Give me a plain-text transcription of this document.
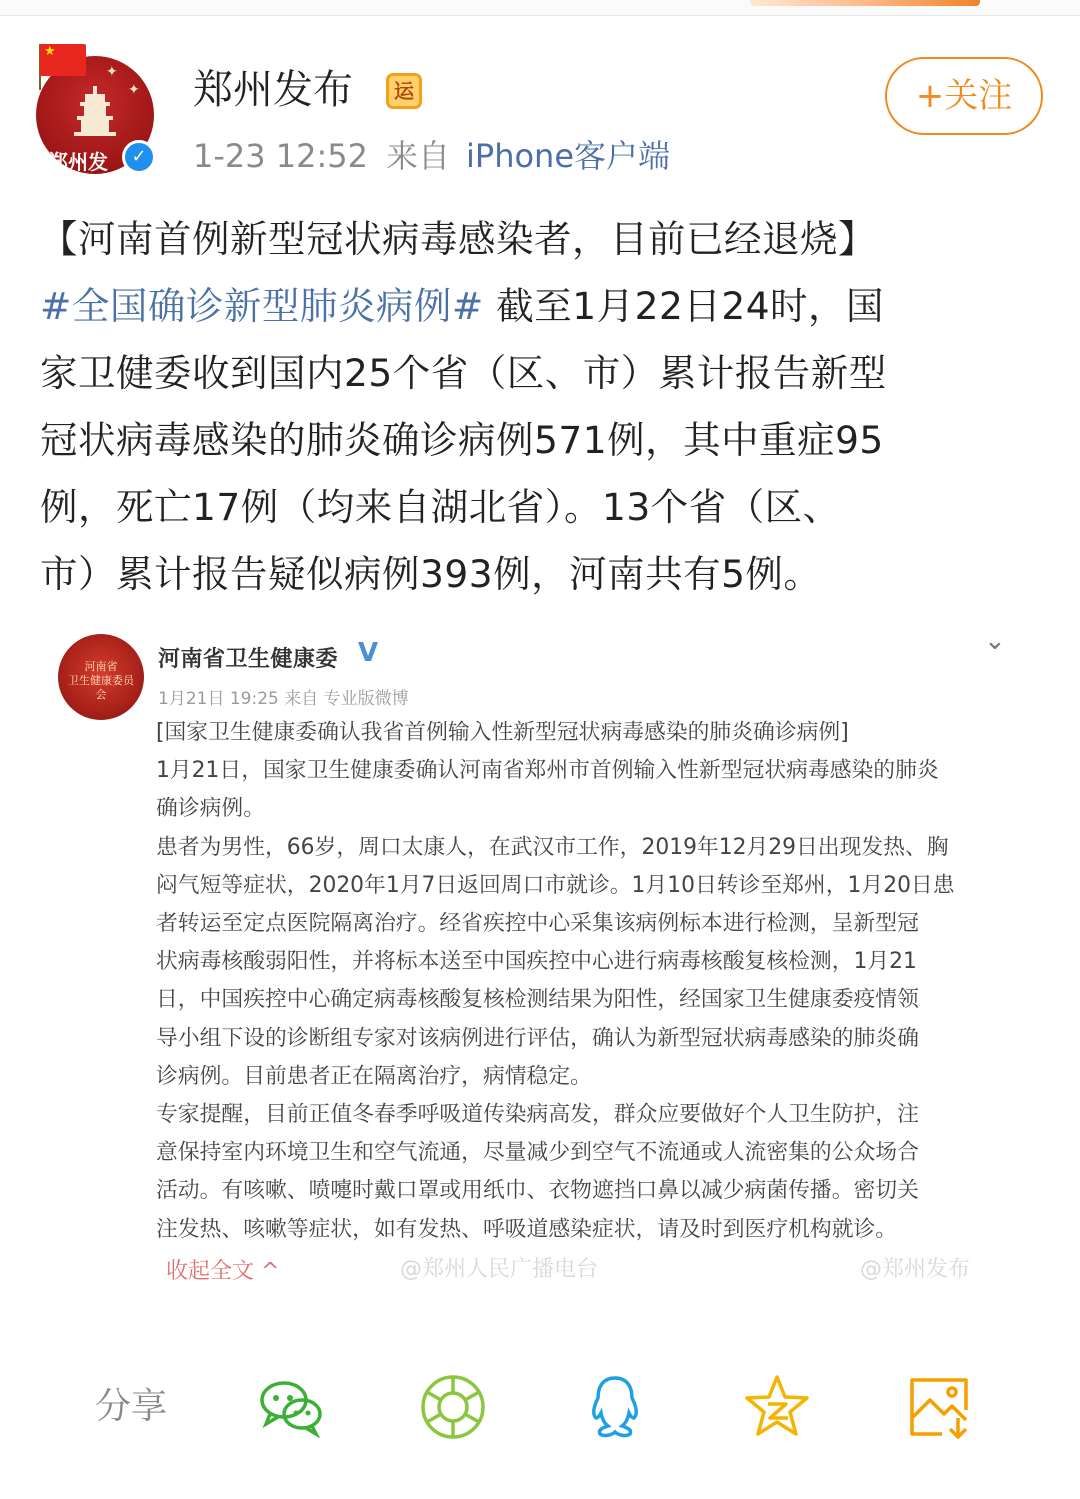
✦
✦
郑州发
★
✓
郑州发布	运
1-23 12:52 来自 iPhone客户端
+关注
【河南首例新型冠状病毒感染者，目前已经退烧】
#全国确诊新型肺炎病例# 截至1月22日24时，国
家卫健委收到国内25个省（区、市）累计报告新型
冠状病毒感染的肺炎确诊病例571例，其中重症95
例，死亡17例（均来自湖北省）。13个省（区、
市）累计报告疑似病例393例，河南共有5例。
河南省
卫生健康委员会
河南省卫生健康委 V
1月21日 19:25 来自 专业版微博
⌄
[国家卫生健康委确认我省首例输入性新型冠状病毒感染的肺炎确诊病例]
1月21日，国家卫生健康委确认河南省郑州市首例输入性新型冠状病毒感染的肺炎
确诊病例。
患者为男性，66岁，周口太康人，在武汉市工作，2019年12月29日出现发热、胸
闷气短等症状，2020年1月7日返回周口市就诊。1月10日转诊至郑州，1月20日患
者转运至定点医院隔离治疗。经省疾控中心采集该病例标本进行检测，呈新型冠
状病毒核酸弱阳性，并将标本送至中国疾控中心进行病毒核酸复核检测，1月21
日，中国疾控中心确定病毒核酸复核检测结果为阳性，经国家卫生健康委疫情领
导小组下设的诊断组专家对该病例进行评估，确认为新型冠状病毒感染的肺炎确
诊病例。目前患者正在隔离治疗，病情稳定。
专家提醒，目前正值冬春季呼吸道传染病高发，群众应要做好个人卫生防护，注
意保持室内环境卫生和空气流通，尽量减少到空气不流通或人流密集的公众场合
活动。有咳嗽、喷嚏时戴口罩或用纸巾、衣物遮挡口鼻以减少病菌传播。密切关
注发热、咳嗽等症状，如有发热、呼吸道感染症状，请及时到医疗机构就诊。
收起全文 ^	@郑州人民广播电台	@郑州发布
分享
